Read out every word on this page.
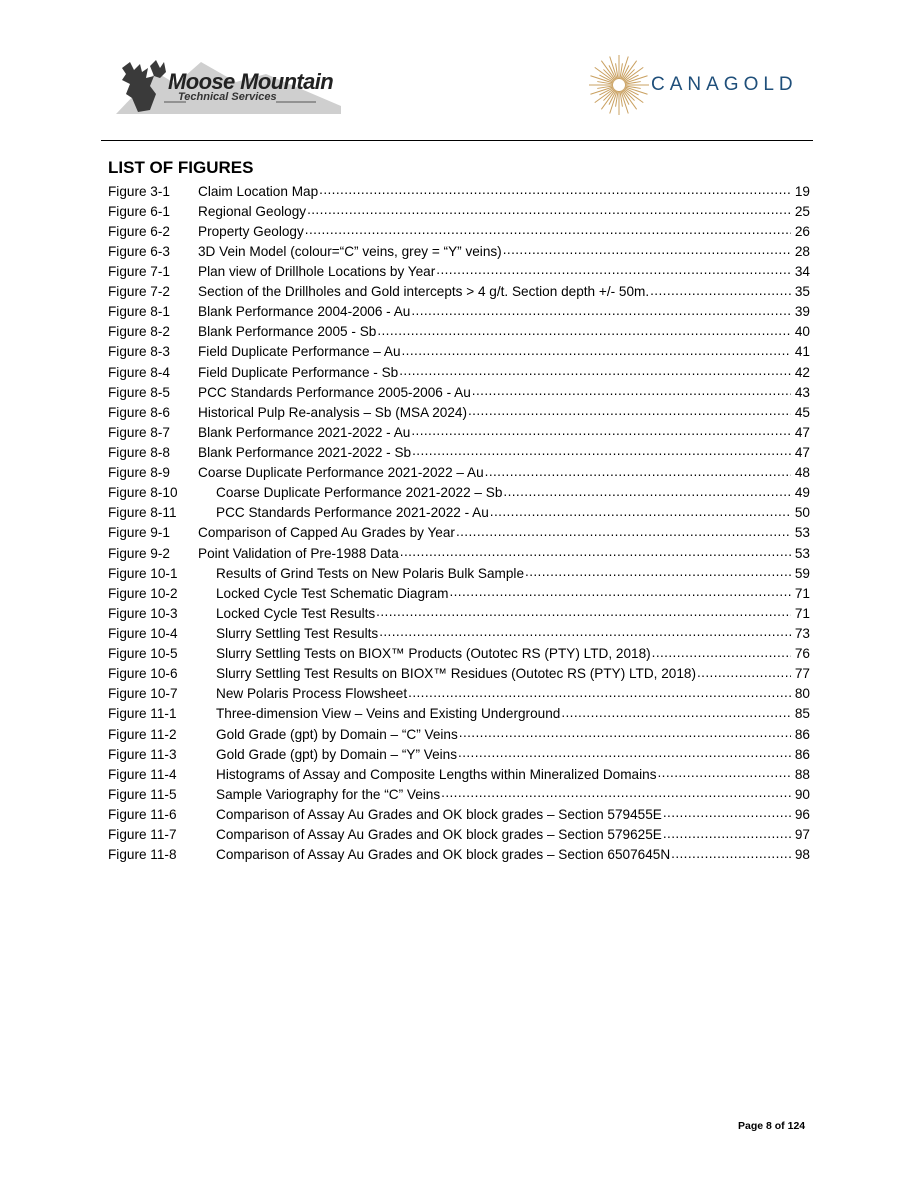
Moose Mountain
Technical Services
CANAGOLD
LIST OF FIGURES
Figure 3-1	Claim Location Map .....	19
Figure 6-1	Regional Geology .....	25
Figure 6-2	Property Geology .....	26
Figure 6-3	3D Vein Model (colour=“C” veins, grey = “Y” veins) .....	28
Figure 7-1	Plan view of Drillhole Locations by Year .....	34
Figure 7-2	Section of the Drillholes and Gold intercepts > 4 g/t. Section depth +/- 50m. .....	35
Figure 8-1	Blank Performance 2004-2006 - Au .....	39
Figure 8-2	Blank Performance 2005 - Sb .....	40
Figure 8-3	Field Duplicate Performance – Au .....	41
Figure 8-4	Field Duplicate Performance - Sb .....	42
Figure 8-5	PCC Standards Performance 2005-2006 - Au .....	43
Figure 8-6	Historical Pulp Re-analysis – Sb (MSA 2024) .....	45
Figure 8-7	Blank Performance 2021-2022 - Au .....	47
Figure 8-8	Blank Performance 2021-2022 - Sb .....	47
Figure 8-9	Coarse Duplicate Performance 2021-2022 – Au .....	48
Figure 8-10	Coarse Duplicate Performance 2021-2022 – Sb .....	49
Figure 8-11	PCC Standards Performance 2021-2022 - Au .....	50
Figure 9-1	Comparison of Capped Au Grades by Year .....	53
Figure 9-2	Point Validation of Pre-1988 Data .....	53
Figure 10-1	Results of Grind Tests on New Polaris Bulk Sample .....	59
Figure 10-2	Locked Cycle Test Schematic Diagram .....	71
Figure 10-3	Locked Cycle Test Results .....	71
Figure 10-4	Slurry Settling Test Results .....	73
Figure 10-5	Slurry Settling Tests on BIOX™ Products (Outotec RS (PTY) LTD, 2018) .....	76
Figure 10-6	Slurry Settling Test Results on BIOX™ Residues (Outotec RS (PTY) LTD, 2018) .....	77
Figure 10-7	New Polaris Process Flowsheet .....	80
Figure 11-1	Three-dimension View – Veins and Existing Underground .....	85
Figure 11-2	Gold Grade (gpt) by Domain – “C” Veins .....	86
Figure 11-3	Gold Grade (gpt) by Domain – “Y” Veins .....	86
Figure 11-4	Histograms of Assay and Composite Lengths within Mineralized Domains .....	88
Figure 11-5	Sample Variography for the “C” Veins .....	90
Figure 11-6	Comparison of Assay Au Grades and OK block grades – Section 579455E .....	96
Figure 11-7	Comparison of Assay Au Grades and OK block grades – Section 579625E .....	97
Figure 11-8	Comparison of Assay Au Grades and OK block grades – Section 6507645N .....	98
Page 8 of 124
